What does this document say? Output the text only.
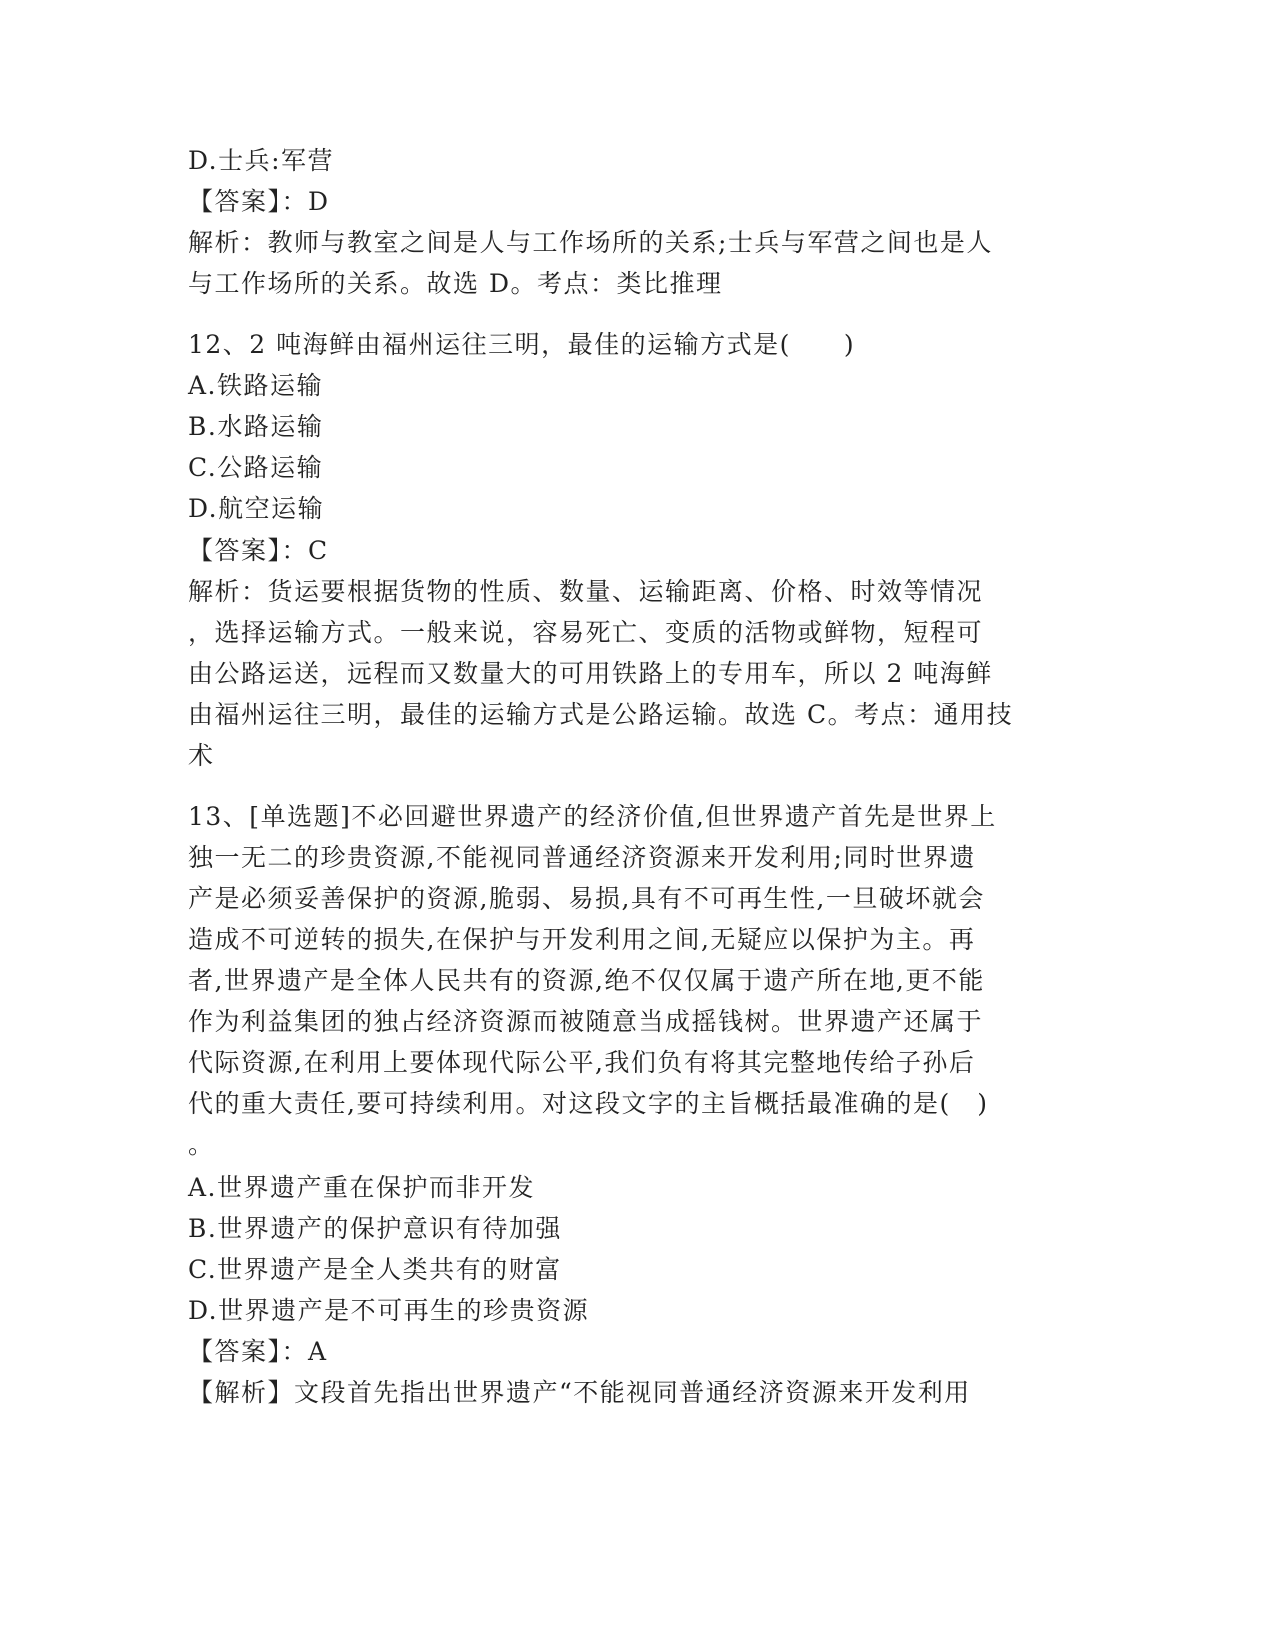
D.士兵:军营
【答案】：D
解析：教师与教室之间是人与工作场所的关系;士兵与军营之间也是人
与工作场所的关系。故选 D。考点：类比推理
12、2 吨海鲜由福州运往三明，最佳的运输方式是(　　)
A.铁路运输
B.水路运输
C.公路运输
D.航空运输
【答案】：C
解析：货运要根据货物的性质、数量、运输距离、价格、时效等情况
，选择运输方式。一般来说，容易死亡、变质的活物或鲜物，短程可
由公路运送，远程而又数量大的可用铁路上的专用车，所以 2 吨海鲜
由福州运往三明，最佳的运输方式是公路运输。故选 C。考点：通用技
术
13、[单选题]不必回避世界遗产的经济价值,但世界遗产首先是世界上
独一无二的珍贵资源,不能视同普通经济资源来开发利用;同时世界遗
产是必须妥善保护的资源,脆弱、易损,具有不可再生性,一旦破坏就会
造成不可逆转的损失,在保护与开发利用之间,无疑应以保护为主。再
者,世界遗产是全体人民共有的资源,绝不仅仅属于遗产所在地,更不能
作为利益集团的独占经济资源而被随意当成摇钱树。世界遗产还属于
代际资源,在利用上要体现代际公平,我们负有将其完整地传给子孙后
代的重大责任,要可持续利用。对这段文字的主旨概括最准确的是(　)
。
A.世界遗产重在保护而非开发
B.世界遗产的保护意识有待加强
C.世界遗产是全人类共有的财富
D.世界遗产是不可再生的珍贵资源
【答案】：A
【解析】文段首先指出世界遗产“不能视同普通经济资源来开发利用
